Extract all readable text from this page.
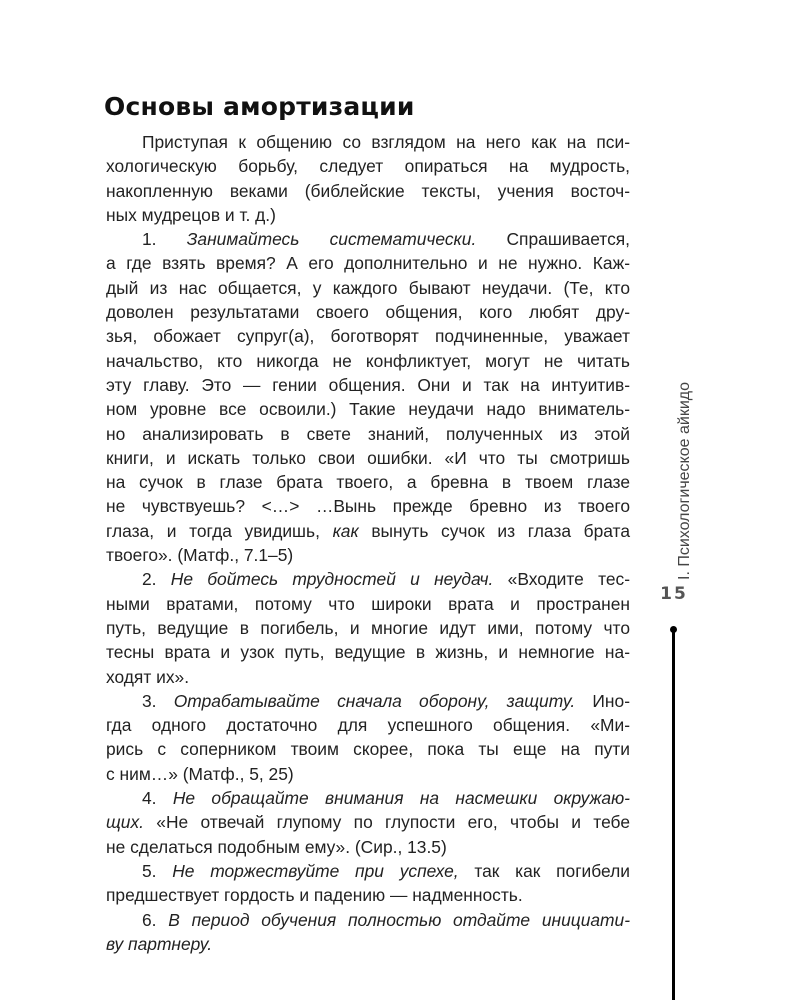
Основы амортизации
Приступая к общению со взглядом на него как на пси-
хологическую борьбу, следует опираться на мудрость,
накопленную веками (библейские тексты, учения восточ-
ных мудрецов и т. д.)
1. Занимайтесь систематически. Спрашивается,
а где взять время? А его дополнительно и не нужно. Каж-
дый из нас общается, у каждого бывают неудачи. (Те, кто
доволен результатами своего общения, кого любят дру-
зья, обожает супруг(а), боготворят подчиненные, уважает
начальство, кто никогда не конфликтует, могут не читать
эту главу. Это — гении общения. Они и так на интуитив-
ном уровне все освоили.) Такие неудачи надо вниматель-
но анализировать в свете знаний, полученных из этой
книги, и искать только свои ошибки. «И что ты смотришь
на сучок в глазе брата твоего, а бревна в твоем глазе
не чувствуешь? <…> …Вынь прежде бревно из твоего
глаза, и тогда увидишь, как вынуть сучок из глаза брата
твоего». (Матф., 7.1–5)
2. Не бойтесь трудностей и неудач. «Входите тес-
ными вратами, потому что широки врата и пространен
путь, ведущие в погибель, и многие идут ими, потому что
тесны врата и узок путь, ведущие в жизнь, и немногие на-
ходят их».
3. Отрабатывайте сначала оборону, защиту. Ино-
гда одного достаточно для успешного общения. «Ми-
рись с соперником твоим скорее, пока ты еще на пути
с ним…» (Матф., 5, 25)
4. Не обращайте внимания на насмешки окружаю-
щих. «Не отвечай глупому по глупости его, чтобы и тебе
не сделаться подобным ему». (Сир., 13.5)
5. Не торжествуйте при успехе, так как погибели
предшествует гордость и падению — надменность.
6. В период обучения полностью отдайте инициати-
ву партнеру.
I. Психологическое айкидо
15
